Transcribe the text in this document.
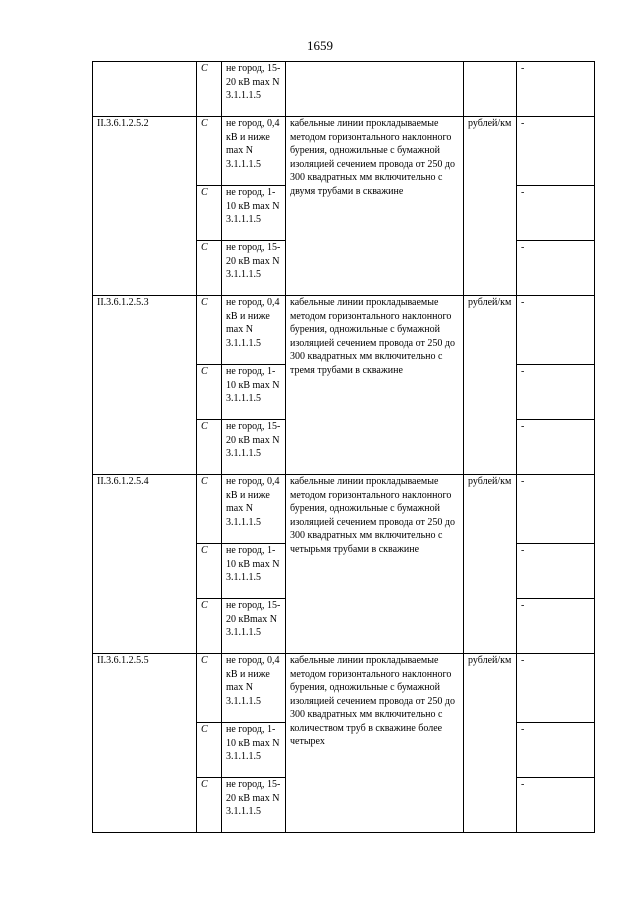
1659
	C	не город, 15-20 кВ max N 3.1.1.1.5			-
II.3.6.1.2.5.2	C	не город, 0,4 кВ и ниже max N 3.1.1.1.5	кабельные линии прокладываемые методом горизонтального наклонного бурения, одножильные с бумажной изоляцией сечением провода от 250 до 300 квадратных мм включительно с двумя трубами в скважине	рублей/км	-
	C	не город, 1-10 кВ max N 3.1.1.1.5			-
	C	не город, 15-20 кВ max N 3.1.1.1.5			-
II.3.6.1.2.5.3	C	не город, 0,4 кВ и ниже max N 3.1.1.1.5	кабельные линии прокладываемые методом горизонтального наклонного бурения, одножильные с бумажной изоляцией сечением провода от 250 до 300 квадратных мм включительно с тремя трубами в скважине	рублей/км	-
	C	не город, 1-10 кВ max N 3.1.1.1.5			-
	C	не город, 15-20 кВ max N 3.1.1.1.5			-
II.3.6.1.2.5.4	C	не город, 0,4 кВ и ниже max N 3.1.1.1.5	кабельные линии прокладываемые методом горизонтального наклонного бурения, одножильные с бумажной изоляцией сечением провода от 250 до 300 квадратных мм включительно с четырьмя трубами в скважине	рублей/км	-
	C	не город, 1-10 кВ max N 3.1.1.1.5			-
	C	не город, 15-20 кВmax N 3.1.1.1.5			-
II.3.6.1.2.5.5	C	не город, 0,4 кВ и ниже max N 3.1.1.1.5	кабельные линии прокладываемые методом горизонтального наклонного бурения, одножильные с бумажной изоляцией сечением провода от 250 до 300 квадратных мм включительно с количеством труб в скважине более четырех	рублей/км	-
	C	не город, 1-10 кВ max N 3.1.1.1.5			-
	C	не город, 15-20 кВ max N 3.1.1.1.5			-
